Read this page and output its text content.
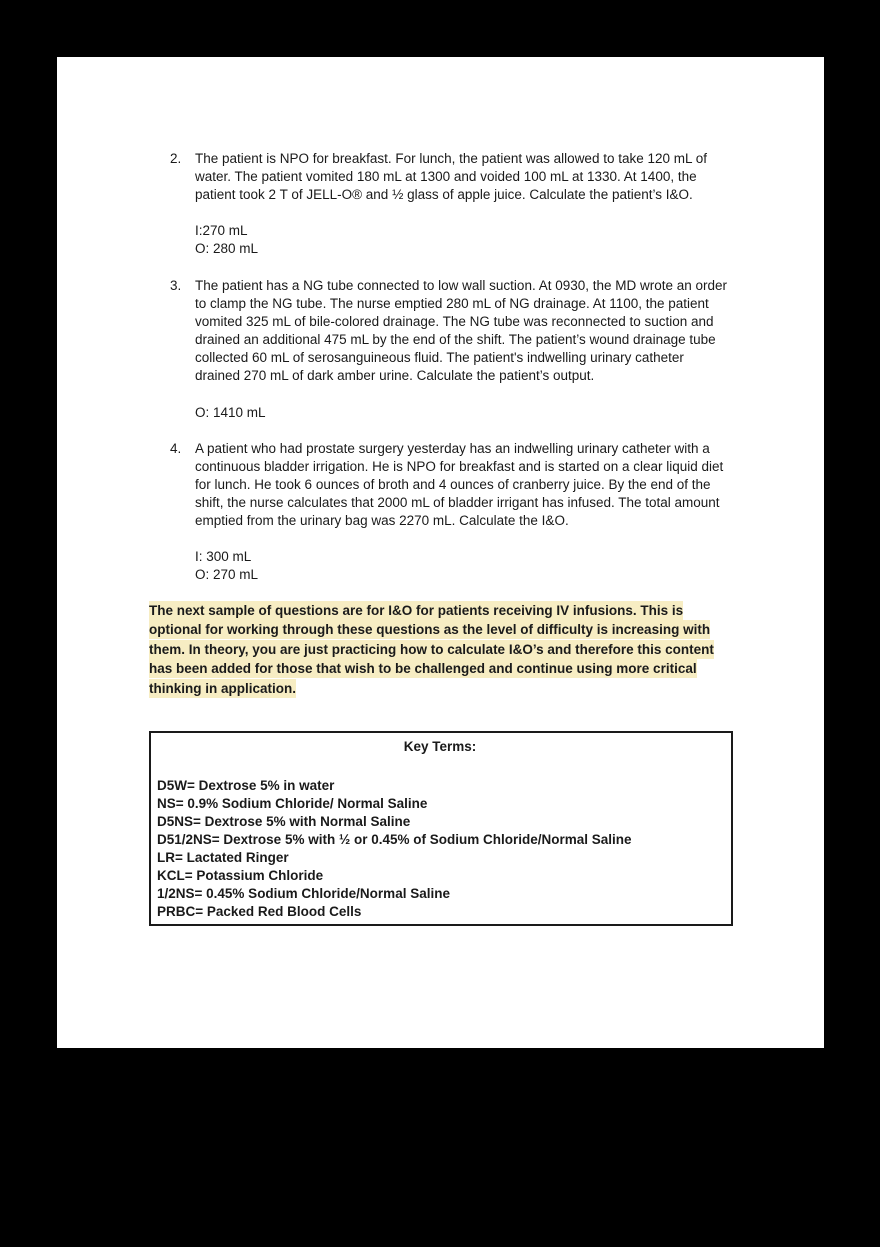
2.	The patient is NPO for breakfast. For lunch, the patient was allowed to take 120 mL of water. The patient vomited 180 mL at 1300 and voided 100 mL at 1330. At 1400, the patient took 2 T of JELL-O® and ½ glass of apple juice. Calculate the patient’s I&O.
I:270 mL
O: 280 mL
3.	The patient has a NG tube connected to low wall suction. At 0930, the MD wrote an order to clamp the NG tube. The nurse emptied 280 mL of NG drainage. At 1100, the patient vomited 325 mL of bile-colored drainage. The NG tube was reconnected to suction and drained an additional 475 mL by the end of the shift. The patient’s wound drainage tube collected 60 mL of serosanguineous fluid. The patient's indwelling urinary catheter drained 270 mL of dark amber urine. Calculate the patient’s output.
O: 1410 mL
4.	A patient who had prostate surgery yesterday has an indwelling urinary catheter with a continuous bladder irrigation. He is NPO for breakfast and is started on a clear liquid diet for lunch. He took 6 ounces of broth and 4 ounces of cranberry juice. By the end of the shift, the nurse calculates that 2000 mL of bladder irrigant has infused. The total amount emptied from the urinary bag was 2270 mL. Calculate the I&O.
I: 300 mL
O: 270 mL
The next sample of questions are for I&O for patients receiving IV infusions. This is optional for working through these questions as the level of difficulty is increasing with them. In theory, you are just practicing how to calculate I&O’s and therefore this content has been added for those that wish to be challenged and continue using more critical thinking in application.
Key Terms:
D5W= Dextrose 5% in water
NS= 0.9% Sodium Chloride/ Normal Saline
D5NS= Dextrose 5% with Normal Saline
D51/2NS= Dextrose 5% with ½ or 0.45% of Sodium Chloride/Normal Saline
LR= Lactated Ringer
KCL= Potassium Chloride
1/2NS= 0.45% Sodium Chloride/Normal Saline
PRBC= Packed Red Blood Cells
